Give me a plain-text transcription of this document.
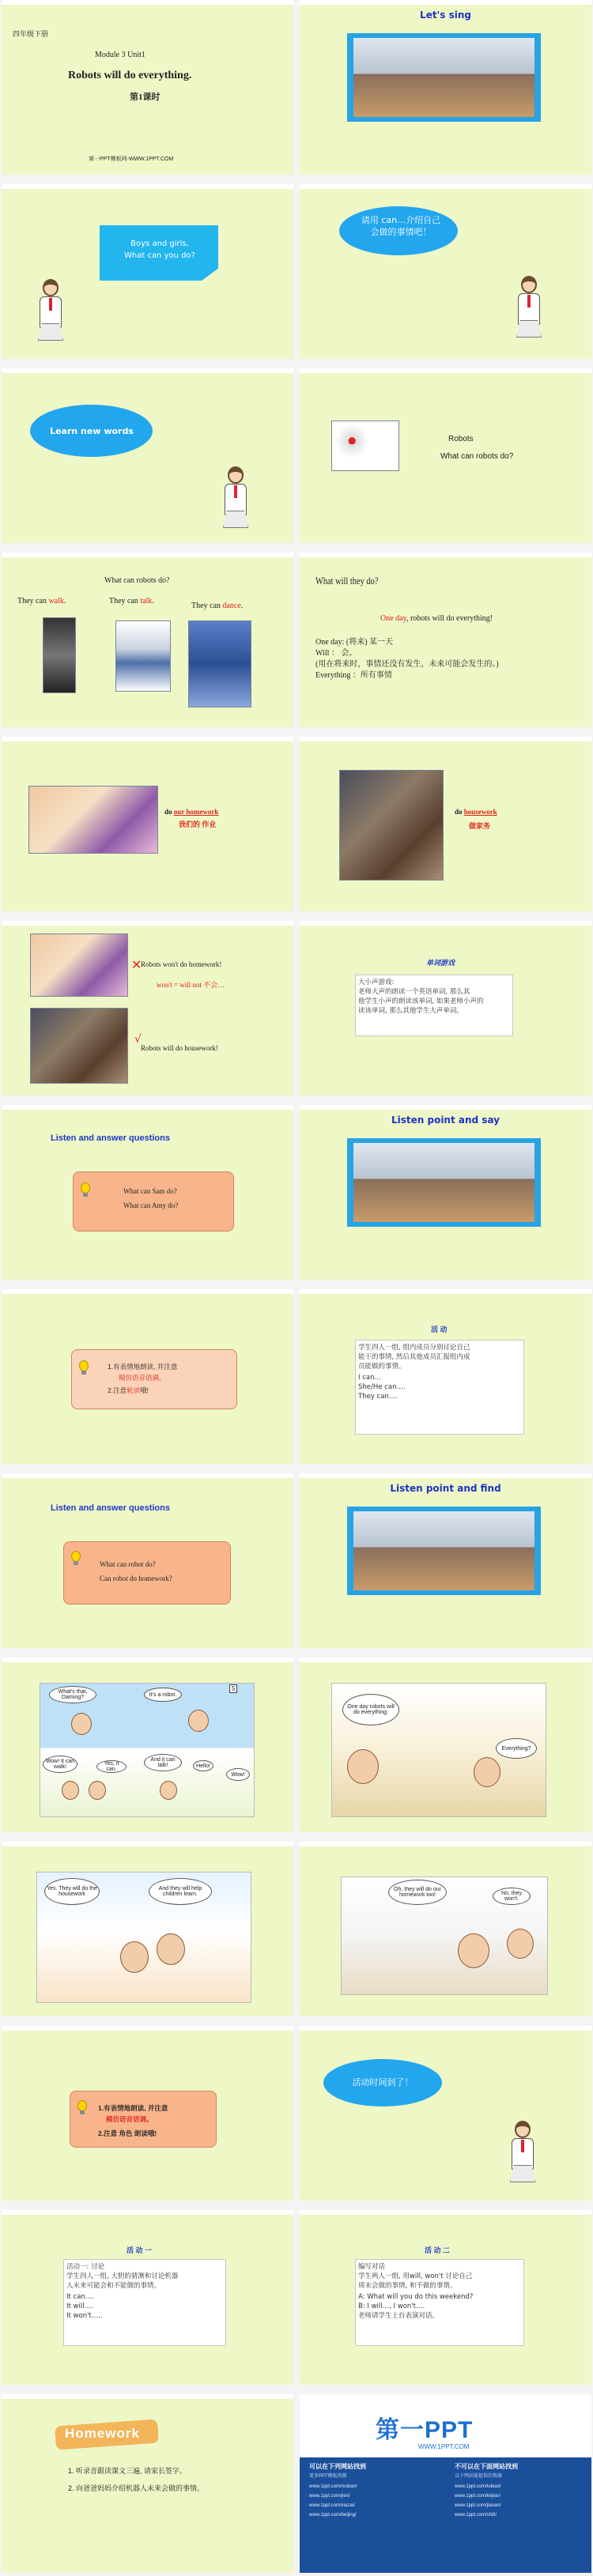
四年级下册
Module 3 Unit1
Robots will do everything.
第1课时
第一PPT模板网-WWW.1PPT.COM
Let's sing
Boys and girls,
What can you do?
请用 can…介绍自己
会做的事情吧！
Learn new words
Robots
What can robots do?
What can robots do?
They can walk.	They can talk.
They can dance.
What will they do?
One day, robots will do everything!
One day: (将来) 某一天
Will ： 会。
(用在将来时，事情还没有发生，未来可能会发生的。)
Everything ：所有事情
do our homework
我们的 作业
do housework
做家务
✕
Robots won't do homework!
won't = will not 不会…
√
Robots will do housework!
单词游戏
大小声游戏:
老师大声的朗读一个英语单词, 那么其
他学生小声的朗读该单词, 如果老师小声的
读该单词, 那么其他学生大声单词。
Listen and answer questions
What can Sam do?
What can Amy do?
Listen point and say
1.有表情地朗读, 并注意
模仿语音语调。
2.注意轮读哦!
活 动
学生四人一组, 组内成员分别讨论自己
能干的事情, 然后其他成员汇报组内成
员能做的事情。
I can...
She/He can….
They can….
Listen and answer questions
What can robot do?
Can robot do homework?
Listen point and find
What's that, Daming?	It's a robot.
5
Wow! It can walk!
Yes, it can.
And it can talk!	Hello!
Wow!
One day robots will do everything.
Everything?
Yes. They will do the housework
And they will help children learn.
Oh, they will do our homework too!	No, they won't.
1.有表情地朗读, 并注意
模仿语音语调。
2.注意 角色 朗读哦!
活动时间到了！
活 动 一
活动一: 讨论
学生四人一组, 大胆的猜测和讨论机器
人未来可能会和不能做的事情。
It can….
It will….
It won't…..
活 动 二
编写对话
学生两人一组, 用will, won't 讨论自己
周末会做的事情, 和不做的事情。
A: What will you do this weekend?
B: I will…, I won't….
老师请学生上台表演对话。
Homework
1. 听录音跟读课文三遍, 请家长签字。
2. 向爸爸妈妈介绍机器人未来会做的事情。
第一PPT
WWW.1PPT.COM
可以在下列网站找到	不可以在下面网站找到
更多PPT模板资源	以下网站能提供的资源
www.1ppt.com/moban/
www.1ppt.com/jieri/
www.1ppt.com/xiazai/
www.1ppt.com/beijing/
www.1ppt.com/tubiao/
www.1ppt.com/kejian/
www.1ppt.com/jiaoan/
www.1ppt.com/shiti/
